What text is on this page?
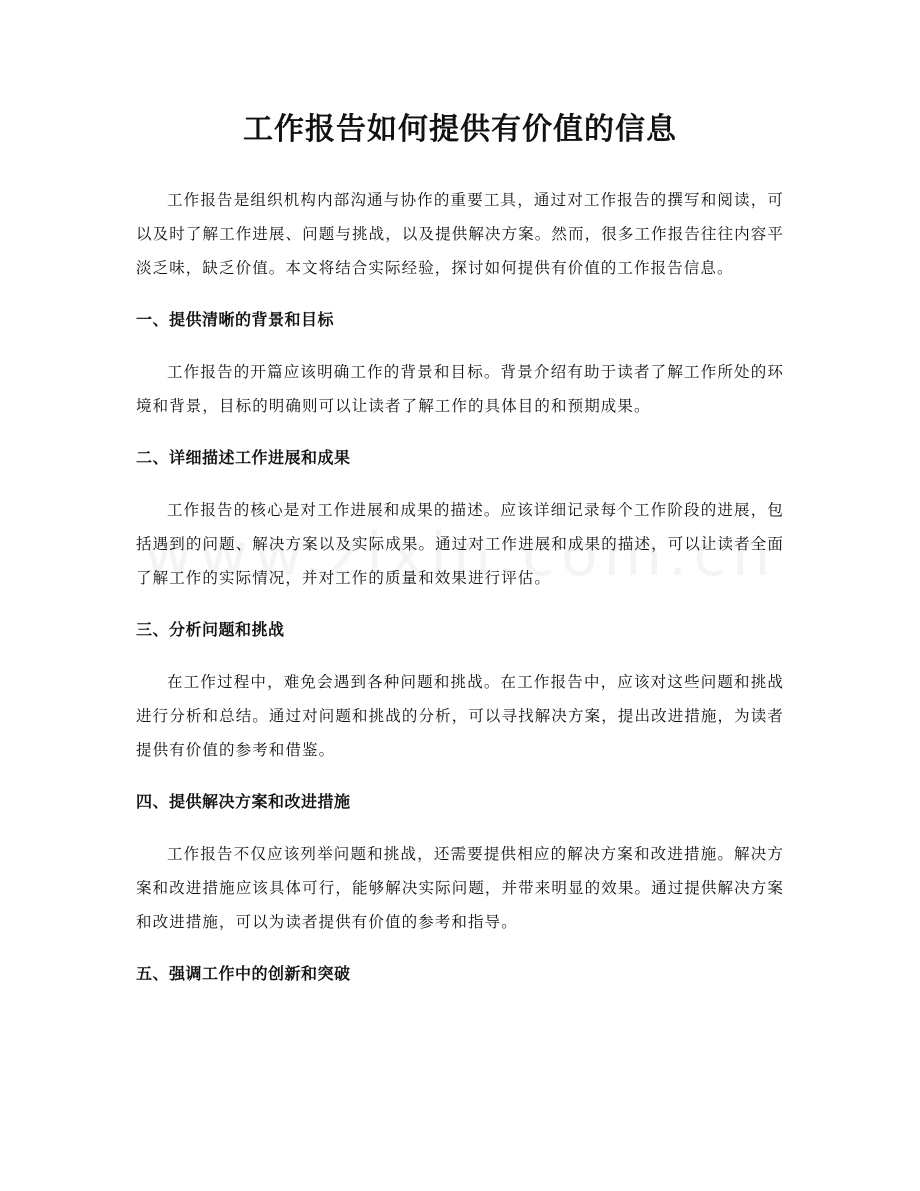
工作报告如何提供有价值的信息

工作报告是组织机构内部沟通与协作的重要工具，通过对工作报告的撰写和阅读，可以及时了解工作进展、问题与挑战，以及提供解决方案。然而，很多工作报告往往内容平淡乏味，缺乏价值。本文将结合实际经验，探讨如何提供有价值的工作报告信息。

一、提供清晰的背景和目标

工作报告的开篇应该明确工作的背景和目标。背景介绍有助于读者了解工作所处的环境和背景，目标的明确则可以让读者了解工作的具体目的和预期成果。

二、详细描述工作进展和成果

工作报告的核心是对工作进展和成果的描述。应该详细记录每个工作阶段的进展，包括遇到的问题、解决方案以及实际成果。通过对工作进展和成果的描述，可以让读者全面了解工作的实际情况，并对工作的质量和效果进行评估。

三、分析问题和挑战

在工作过程中，难免会遇到各种问题和挑战。在工作报告中，应该对这些问题和挑战进行分析和总结。通过对问题和挑战的分析，可以寻找解决方案，提出改进措施，为读者提供有价值的参考和借鉴。

四、提供解决方案和改进措施

工作报告不仅应该列举问题和挑战，还需要提供相应的解决方案和改进措施。解决方案和改进措施应该具体可行，能够解决实际问题，并带来明显的效果。通过提供解决方案和改进措施，可以为读者提供有价值的参考和指导。

五、强调工作中的创新和突破
